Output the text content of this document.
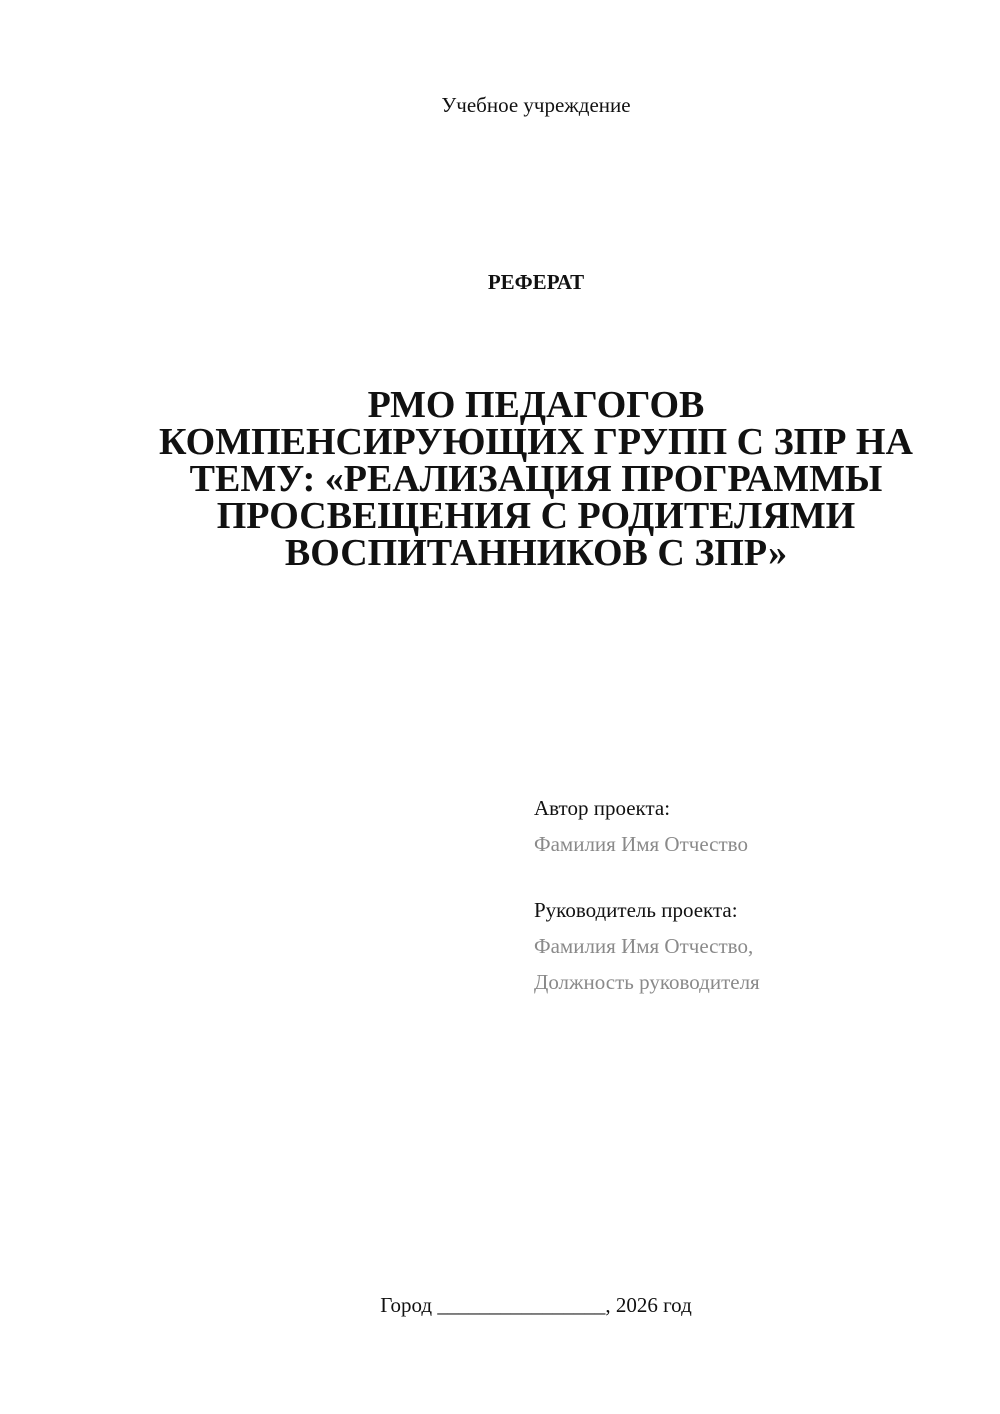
Учебное учреждение
РЕФЕРАТ
РМО ПЕДАГОГОВ
КОМПЕНСИРУЮЩИХ ГРУПП С ЗПР НА
ТЕМУ: «РЕАЛИЗАЦИЯ ПРОГРАММЫ
ПРОСВЕЩЕНИЯ С РОДИТЕЛЯМИ
ВОСПИТАННИКОВ С ЗПР»
Автор проекта:
Фамилия Имя Отчество
Руководитель проекта:
Фамилия Имя Отчество,
Должность руководителя
Город ________________, 2026 год
